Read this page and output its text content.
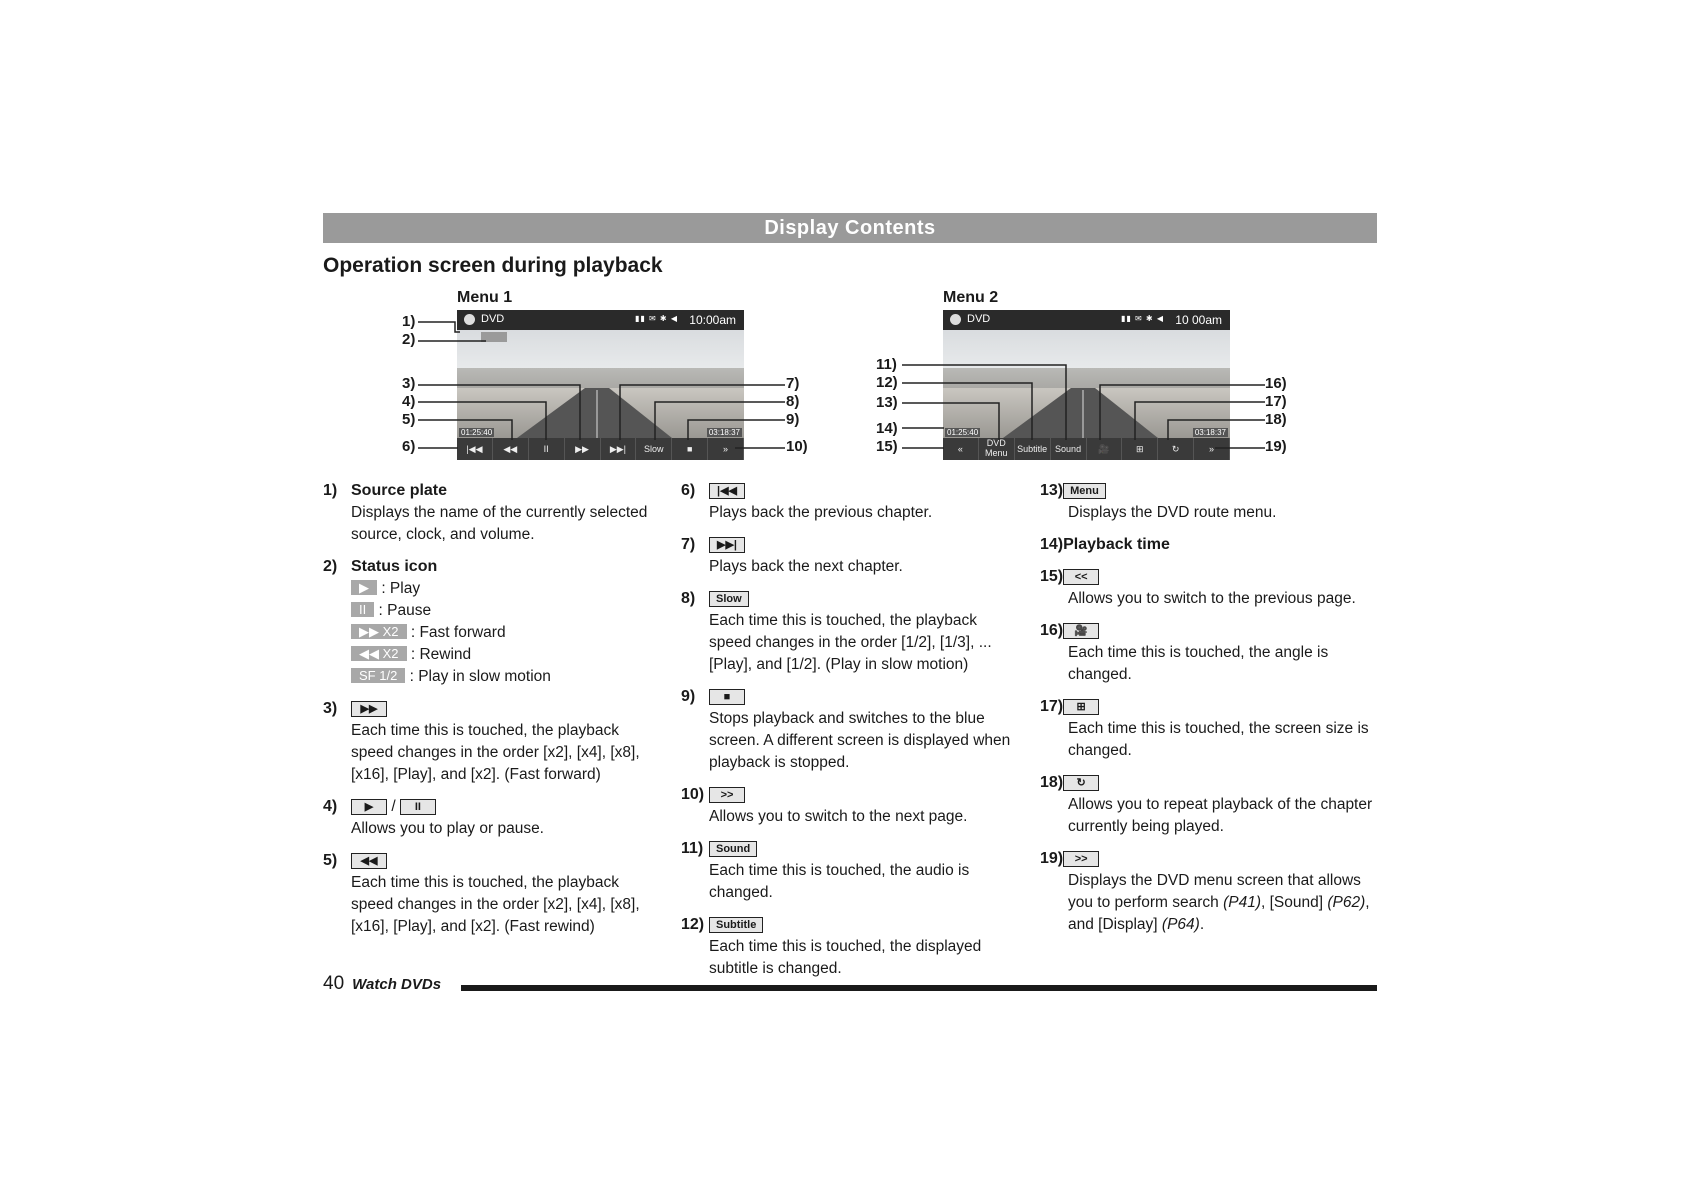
Display Contents
Operation screen during playback
Menu 1
DVD	▮▮ ✉ ✱ ◀ 10:00am
01:25:40	03:18:37
|◀◀	◀◀	II	▶▶	▶▶|	Slow	■	»
1)
2)
3)
4)
5)
6)
7)
8)
9)
10)
Menu 2
DVD	▮▮ ✉ ✱ ◀ 10 00am
01:25:40	03:18:37
«
DVD Menu	Subtitle Sound	🎥	⊞	↻	»
11)
12)
13)
14)
15)
16)
17)
18)
19)
1) Source plate
Displays the name of the currently selected source, clock, and volume.
2) Status icon
▶ : Play
II : Pause
▶▶ X2 : Fast forward
◀◀ X2 : Rewind
SF 1/2 : Play in slow motion
3) ▶▶
Each time this is touched, the playback speed changes in the order [x2], [x4], [x8], [x16], [Play], and [x2]. (Fast forward)
4)	▶ / II
Allows you to play or pause.
5) ◀◀
Each time this is touched, the playback speed changes in the order [x2], [x4], [x8], [x16], [Play], and [x2]. (Fast rewind)
6) |◀◀
Plays back the previous chapter.
7) ▶▶|
Plays back the next chapter.
8) Slow
Each time this is touched, the playback speed changes in the order [1/2], [1/3], ... [Play], and [1/2]. (Play in slow motion)
9)	■
Stops playback and switches to the blue screen. A different screen is displayed when playback is stopped.
10) >>
Allows you to switch to the next page.
11) Sound
Each time this is touched, the audio is changed.
12) Subtitle
Each time this is touched, the displayed subtitle is changed.
13) Menu
Displays the DVD route menu.
14)Playback time
15) <<
Allows you to switch to the previous page.
16) 🎥
Each time this is touched, the angle is changed.
17) ⊞
Each time this is touched, the screen size is changed.
18) ↻
Allows you to repeat playback of the chapter currently being played.
19) >>
Displays the DVD menu screen that allows you to perform search (P41), [Sound] (P62), and [Display] (P64).
40 Watch DVDs
